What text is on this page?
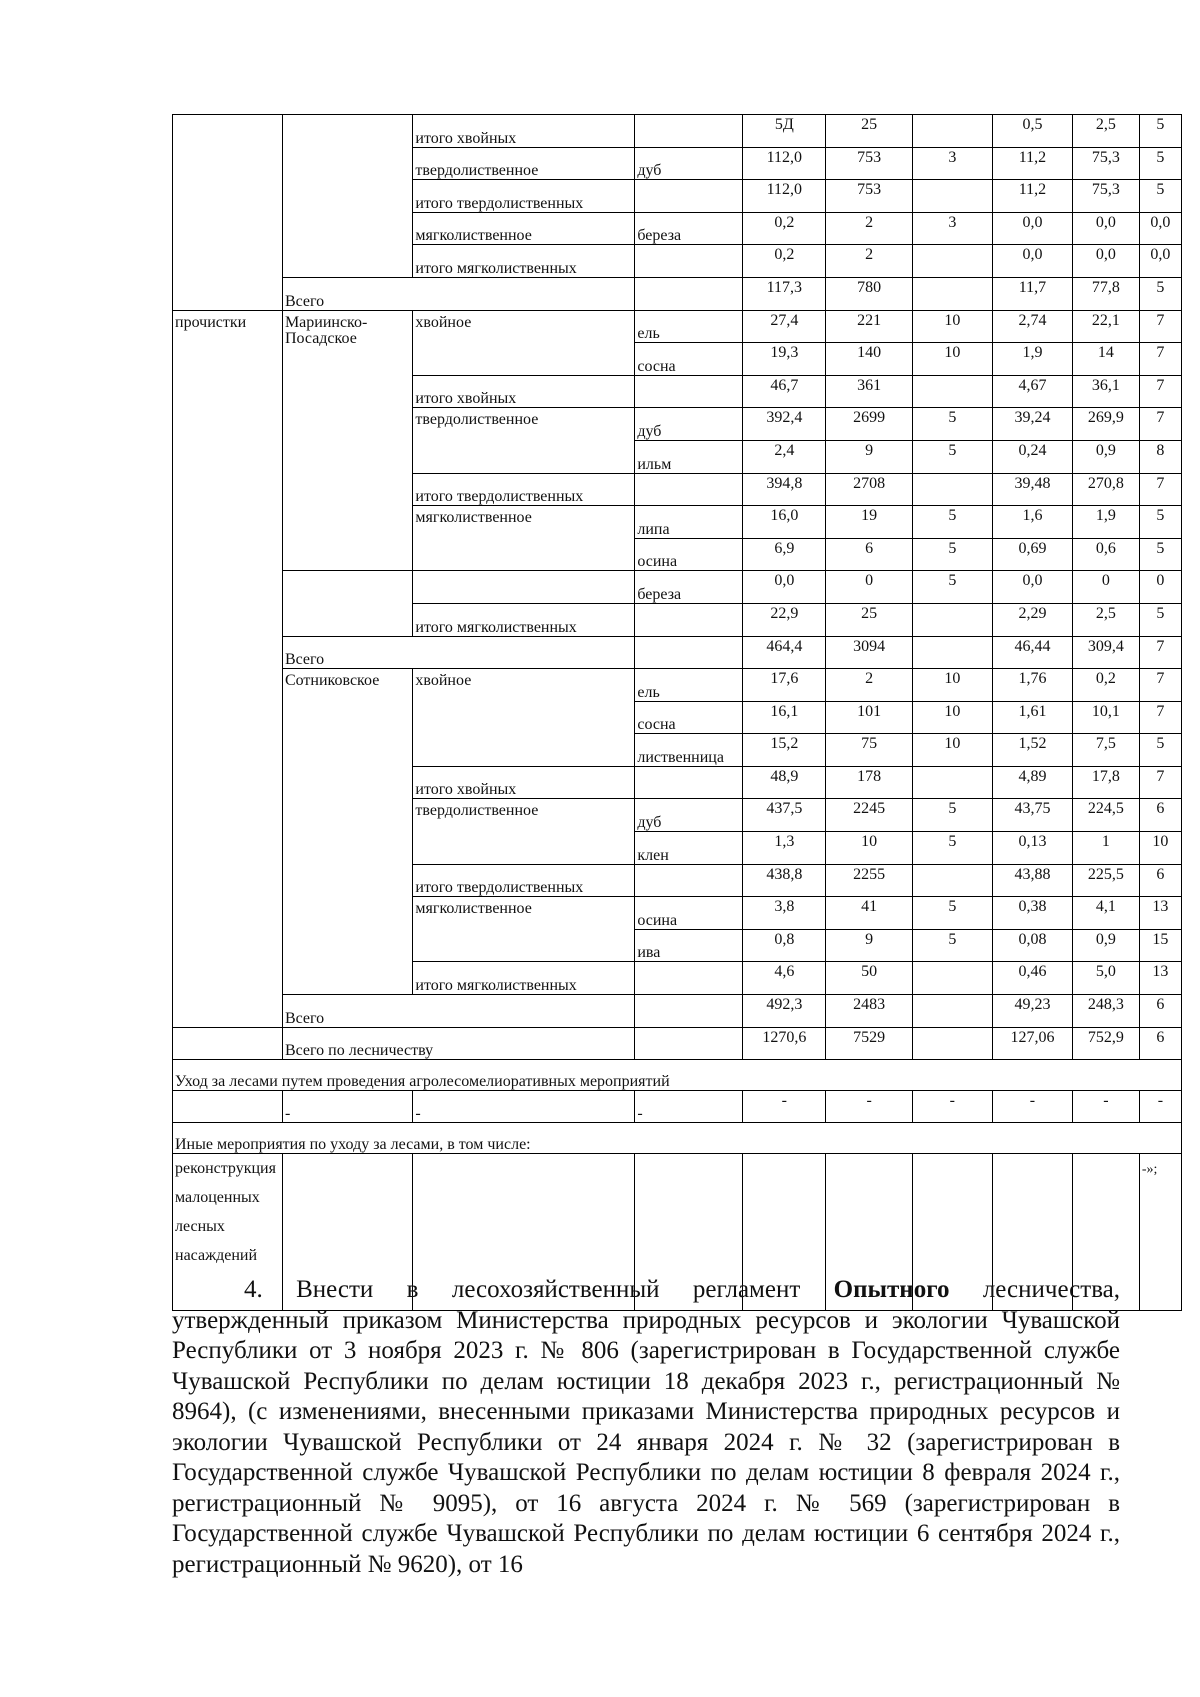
		итого хвойных		5Д	25		0,5	2,5	5
		твердолиственное	дуб	112,0	753	3	11,2	75,3	5
		итого твердолиственных		112,0	753		11,2	75,3	5
		мягколиственное	береза	0,2	2	3	0,0	0,0	0,0
		итого мягколиственных		0,2	2		0,0	0,0	0,0
	Всего			117,3	780		11,7	77,8	5
прочистки	Мариинско-Посадское	хвойное	ель	27,4	221	10	2,74	22,1	7
			сосна	19,3	140	10	1,9	14	7
		итого хвойных		46,7	361		4,67	36,1	7
		твердолиственное	дуб	392,4	2699	5	39,24	269,9	7
			ильм	2,4	9	5	0,24	0,9	8
		итого твердолиственных		394,8	2708		39,48	270,8	7
		мягколиственное	липа	16,0	19	5	1,6	1,9	5
			осина	6,9	6	5	0,69	0,6	5
			береза	0,0	0	5	0,0	0	0
		итого мягколиственных		22,9	25		2,29	2,5	5
	Всего			464,4	3094		46,44	309,4	7
	Сотниковское	хвойное	ель	17,6	2	10	1,76	0,2	7
			сосна	16,1	101	10	1,61	10,1	7
			лиственница	15,2	75	10	1,52	7,5	5
		итого хвойных		48,9	178		4,89	17,8	7
		твердолиственное	дуб	437,5	2245	5	43,75	224,5	6
			клен	1,3	10	5	0,13	1	10
		итого твердолиственных		438,8	2255		43,88	225,5	6
		мягколиственное	осина	3,8	41	5	0,38	4,1	13
			ива	0,8	9	5	0,08	0,9	15
		итого мягколиственных		4,6	50		0,46	5,0	13
	Всего			492,3	2483		49,23	248,3	6
	Всего по лесничеству			1270,6	7529		127,06	752,9	6
Уход за лесами путем проведения агролесомелиоративных мероприятий									
	-	-	-	-	-	-	-	-	-
Иные мероприятия по уходу за лесами, в том числе:									
реконструкция малоценных лесных насаждений									-»;

4. Внести в лесохозяйственный регламент Опытного лесничества, утвержденный приказом Министерства природных ресурсов и экологии Чувашской Республики от 3 ноября 2023 г. № 806 (зарегистрирован в Государственной службе Чувашской Республики по делам юстиции 18 декабря 2023 г., регистрационный № 8964), (с изменениями, внесенными приказами Министерства природных ресурсов и экологии Чувашской Республики от 24 января 2024 г. № 32 (зарегистрирован в Государственной службе Чувашской Республики по делам юстиции 8 февраля 2024 г., регистрационный № 9095), от 16 августа 2024 г. № 569 (зарегистрирован в Государственной службе Чувашской Республики по делам юстиции 6 сентября 2024 г., регистрационный № 9620), от 16
